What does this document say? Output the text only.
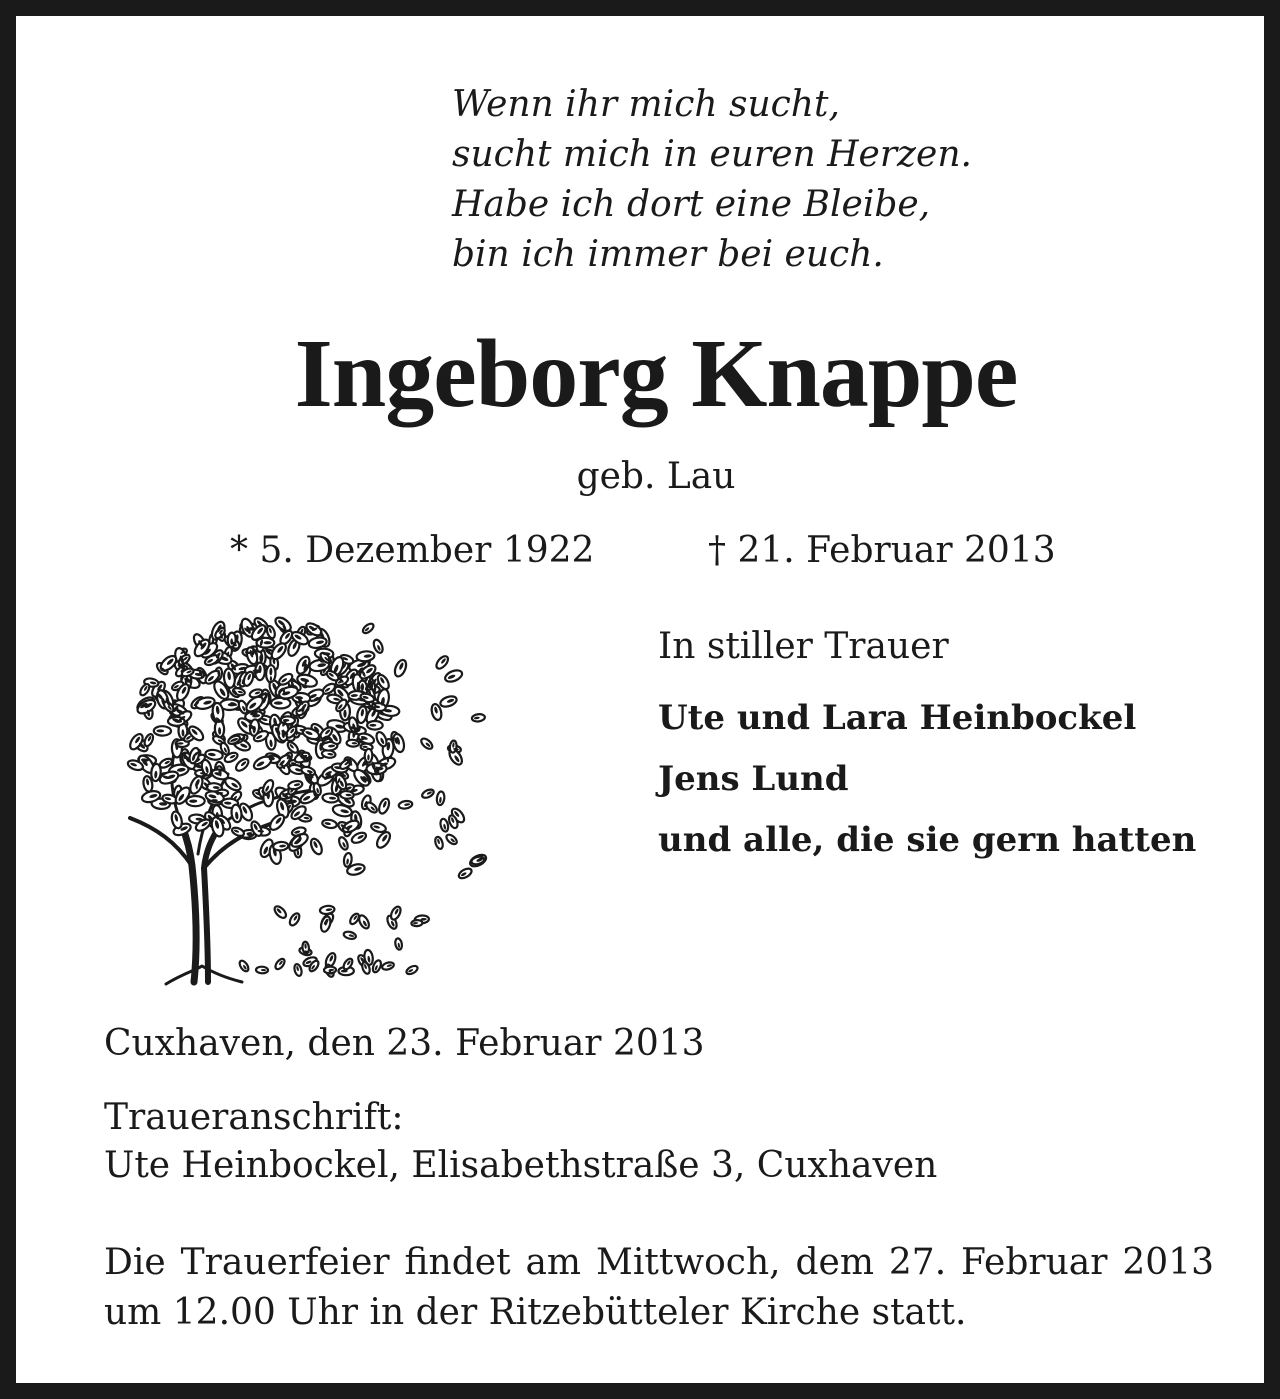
Wenn ihr mich sucht,
sucht mich in euren Herzen.
Habe ich dort eine Bleibe,
bin ich immer bei euch.
Ingeborg Knappe
geb. Lau
* 5. Dezember 1922	† 21. Februar 2013
In stiller Trauer
Ute und Lara Heinbockel
Jens Lund
und alle, die sie gern hatten
Cuxhaven, den 23. Februar 2013
Traueranschrift:
Ute Heinbockel, Elisabethstraße 3, Cuxhaven
Die Trauerfeier findet am Mittwoch, dem 27. Februar 2013 um 12.00 Uhr in der Ritzebütteler Kirche statt.
